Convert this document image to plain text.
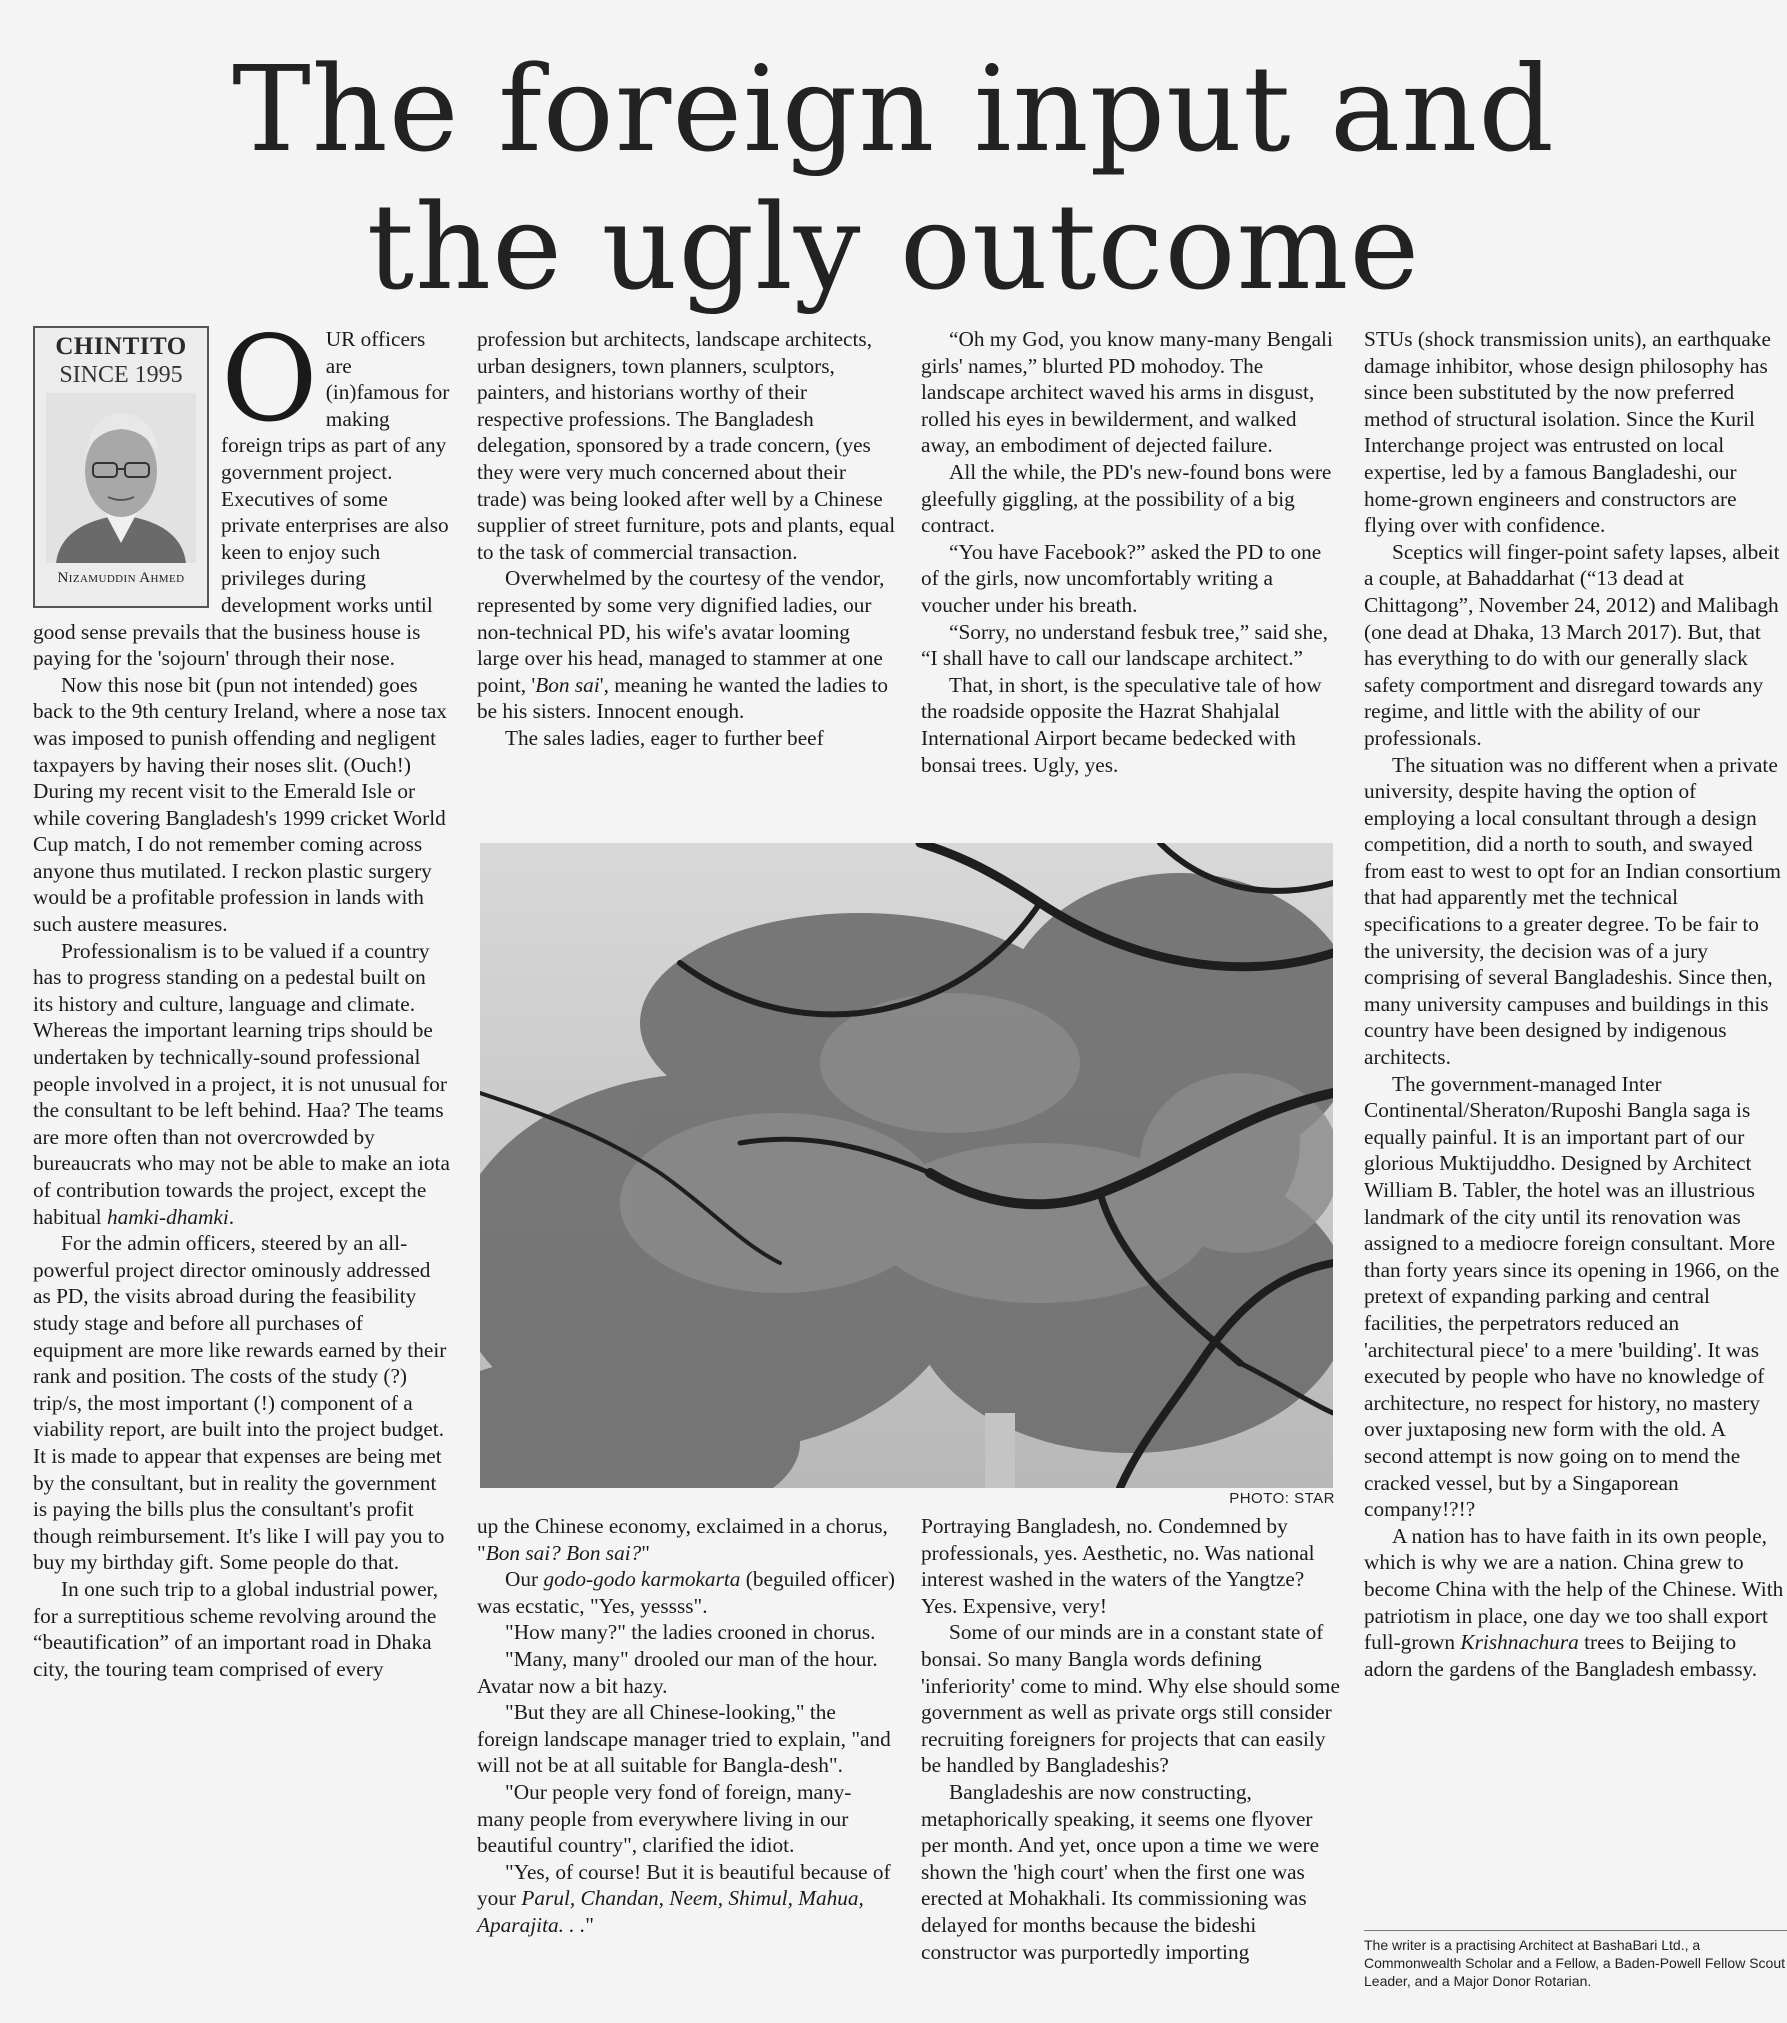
The foreign input and
the ugly outcome
CHINTITO
SINCE 1995
Nizamuddin Ahmed

OUR officers are (in)famous for making foreign trips as part of any government project. Executives of some private enterprises are also keen to enjoy such privileges during development works until good sense prevails that the business house is paying for the 'sojourn' through their nose.

Now this nose bit (pun not intended) goes back to the 9th century Ireland, where a nose tax was imposed to punish offending and negligent taxpayers by having their noses slit. (Ouch!) During my recent visit to the Emerald Isle or while covering Bangladesh's 1999 cricket World Cup match, I do not remember coming across anyone thus mutilated. I reckon plastic surgery would be a profitable profession in lands with such austere measures.

Professionalism is to be valued if a country has to progress standing on a pedestal built on its history and culture, language and climate. Whereas the important learning trips should be undertaken by technically-sound professional people involved in a project, it is not unusual for the consultant to be left behind. Haa? The teams are more often than not overcrowded by bureaucrats who may not be able to make an iota of contribution towards the project, except the habitual hamki-dhamki.

For the admin officers, steered by an all-powerful project director ominously addressed as PD, the visits abroad during the feasibility study stage and before all purchases of equipment are more like rewards earned by their rank and position. The costs of the study (?) trip/s, the most important (!) component of a viability report, are built into the project budget. It is made to appear that expenses are being met by the consultant, but in reality the government is paying the bills plus the consultant's profit though reimbursement. It's like I will pay you to buy my birthday gift. Some people do that.

In one such trip to a global industrial power, for a surreptitious scheme revolving around the “beautification” of an important road in Dhaka city, the touring team comprised of every

profession but architects, landscape architects, urban designers, town planners, sculptors, painters, and historians worthy of their respective professions. The Bangladesh delegation, sponsored by a trade concern, (yes they were very much concerned about their trade) was being looked after well by a Chinese supplier of street furniture, pots and plants, equal to the task of commercial transaction.

Overwhelmed by the courtesy of the vendor, represented by some very dignified ladies, our non-technical PD, his wife's avatar looming large over his head, managed to stammer at one point, 'Bon sai', meaning he wanted the ladies to be his sisters. Innocent enough.

The sales ladies, eager to further beef

“Oh my God, you know many-many Bengali girls' names,” blurted PD mohodoy. The landscape architect waved his arms in disgust, rolled his eyes in bewilderment, and walked away, an embodiment of dejected failure.

All the while, the PD's new-found bons were gleefully giggling, at the possibility of a big contract.

“You have Facebook?” asked the PD to one of the girls, now uncomfortably writing a voucher under his breath.

“Sorry, no understand fesbuk tree,” said she, “I shall have to call our landscape architect.”

That, in short, is the speculative tale of how the roadside opposite the Hazrat Shahjalal International Airport became bedecked with bonsai trees. Ugly, yes.

PHOTO: STAR

up the Chinese economy, exclaimed in a chorus, "Bon sai? Bon sai?"

Our godo-godo karmokarta (beguiled officer) was ecstatic, "Yes, yessss".

"How many?" the ladies crooned in chorus.

"Many, many" drooled our man of the hour. Avatar now a bit hazy.

"But they are all Chinese-looking," the foreign landscape manager tried to explain, "and will not be at all suitable for Bangla-desh".

"Our people very fond of foreign, many-many people from everywhere living in our beautiful country", clarified the idiot.

"Yes, of course! But it is beautiful because of your Parul, Chandan, Neem, Shimul, Mahua, Aparajita. . ."

Portraying Bangladesh, no. Condemned by professionals, yes. Aesthetic, no. Was national interest washed in the waters of the Yangtze? Yes. Expensive, very!

Some of our minds are in a constant state of bonsai. So many Bangla words defining 'inferiority' come to mind. Why else should some government as well as private orgs still consider recruiting foreigners for projects that can easily be handled by Bangladeshis?

Bangladeshis are now constructing, metaphorically speaking, it seems one flyover per month. And yet, once upon a time we were shown the 'high court' when the first one was erected at Mohakhali. Its commissioning was delayed for months because the bideshi constructor was purportedly importing

STUs (shock transmission units), an earthquake damage inhibitor, whose design philosophy has since been substituted by the now preferred method of structural isolation. Since the Kuril Interchange project was entrusted on local expertise, led by a famous Bangladeshi, our home-grown engineers and constructors are flying over with confidence.

Sceptics will finger-point safety lapses, albeit a couple, at Bahaddarhat (“13 dead at Chittagong”, November 24, 2012) and Malibagh (one dead at Dhaka, 13 March 2017). But, that has everything to do with our generally slack safety comportment and disregard towards any regime, and little with the ability of our professionals.

The situation was no different when a private university, despite having the option of employing a local consultant through a design competition, did a north to south, and swayed from east to west to opt for an Indian consortium that had apparently met the technical specifications to a greater degree. To be fair to the university, the decision was of a jury comprising of several Bangladeshis. Since then, many university campuses and buildings in this country have been designed by indigenous architects.

The government-managed Inter Continental/Sheraton/Ruposhi Bangla saga is equally painful. It is an important part of our glorious Muktijuddho. Designed by Architect William B. Tabler, the hotel was an illustrious landmark of the city until its renovation was assigned to a mediocre foreign consultant. More than forty years since its opening in 1966, on the pretext of expanding parking and central facilities, the perpetrators reduced an 'architectural piece' to a mere 'building'. It was executed by people who have no knowledge of architecture, no respect for history, no mastery over juxtaposing new form with the old. A second attempt is now going on to mend the cracked vessel, but by a Singaporean company!?!?

A nation has to have faith in its own people, which is why we are a nation. China grew to become China with the help of the Chinese. With patriotism in place, one day we too shall export full-grown Krishnachura trees to Beijing to adorn the gardens of the Bangladesh embassy.

The writer is a practising Architect at BashaBari Ltd., a Commonwealth Scholar and a Fellow, a Baden-Powell Fellow Scout Leader, and a Major Donor Rotarian.
